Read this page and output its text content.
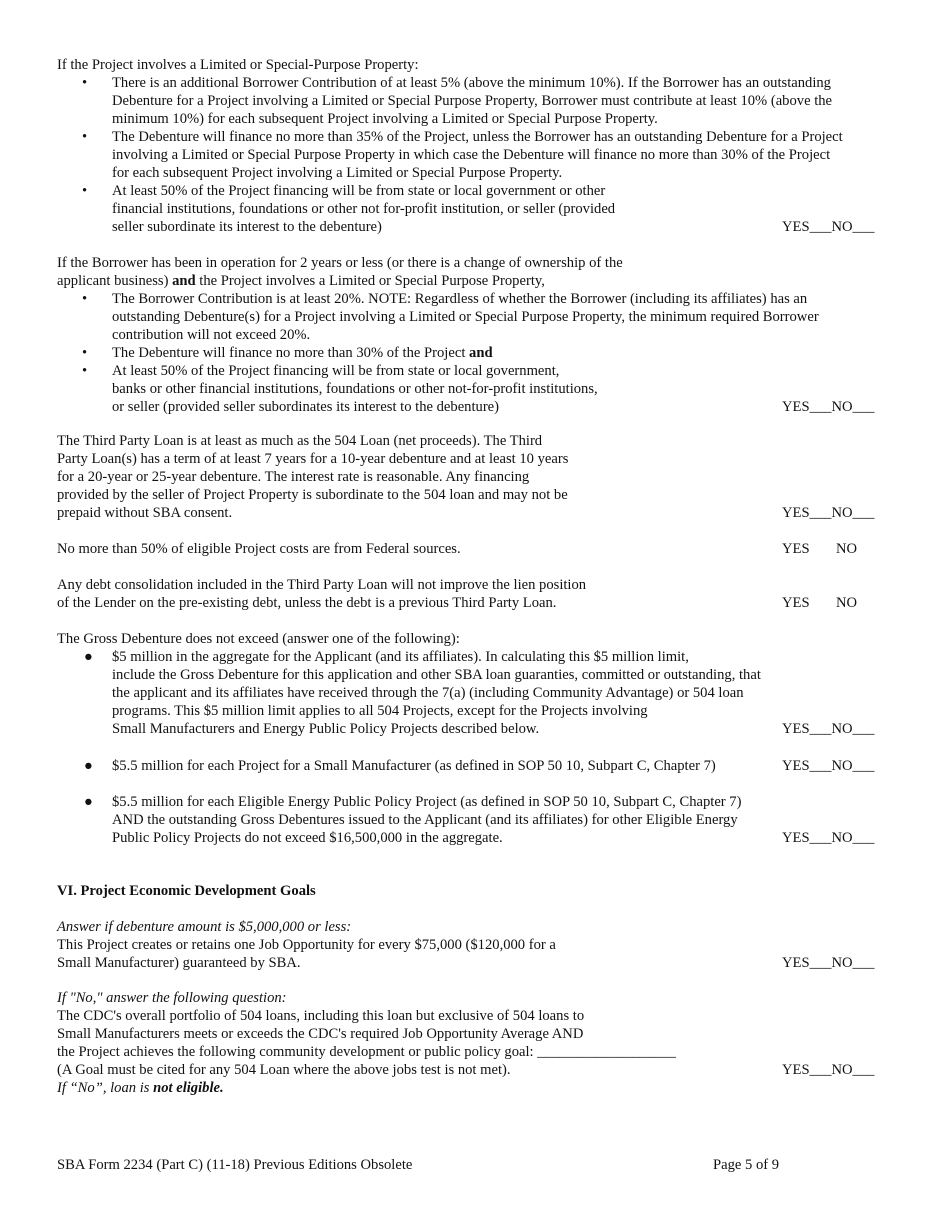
If the Project involves a Limited or Special-Purpose Property:
•	There is an additional Borrower Contribution of at least 5% (above the minimum 10%). If the Borrower has an outstanding
Debenture for a Project involving a Limited or Special Purpose Property, Borrower must contribute at least 10% (above the
minimum 10%) for each subsequent Project involving a Limited or Special Purpose Property.
•	The Debenture will finance no more than 35% of the Project, unless the Borrower has an outstanding Debenture for a Project
involving a Limited or Special Purpose Property in which case the Debenture will finance no more than 30% of the Project
for each subsequent Project involving a Limited or Special Purpose Property.
•	At least 50% of the Project financing will be from state or local government or other
financial institutions, foundations or other not for-profit institution, or seller (provided
seller subordinate its interest to the debenture)	YES___NO___
If the Borrower has been in operation for 2 years or less (or there is a change of ownership of the
applicant business) and the Project involves a Limited or Special Purpose Property,
•	The Borrower Contribution is at least 20%. NOTE: Regardless of whether the Borrower (including its affiliates) has an
outstanding Debenture(s) for a Project involving a Limited or Special Purpose Property, the minimum required Borrower
contribution will not exceed 20%.
•	The Debenture will finance no more than 30% of the Project and
•	At least 50% of the Project financing will be from state or local government,
banks or other financial institutions, foundations or other not-for-profit institutions,
or seller (provided seller subordinates its interest to the debenture)	YES___NO___
The Third Party Loan is at least as much as the 504 Loan (net proceeds). The Third
Party Loan(s) has a term of at least 7 years for a 10-year debenture and at least 10 years
for a 20-year or 25-year debenture. The interest rate is reasonable. Any financing
provided by the seller of Project Property is subordinate to the 504 loan and may not be
prepaid without SBA consent.	YES___NO___
No more than 50% of eligible Project costs are from Federal sources.	YES NO
Any debt consolidation included in the Third Party Loan will not improve the lien position
of the Lender on the pre-existing debt, unless the debt is a previous Third Party Loan.	YES NO
The Gross Debenture does not exceed (answer one of the following):
●	$5 million in the aggregate for the Applicant (and its affiliates). In calculating this $5 million limit,
include the Gross Debenture for this application and other SBA loan guaranties, committed or outstanding, that
the applicant and its affiliates have received through the 7(a) (including Community Advantage) or 504 loan
programs. This $5 million limit applies to all 504 Projects, except for the Projects involving
Small Manufacturers and Energy Public Policy Projects described below.	YES___NO___
●	$5.5 million for each Project for a Small Manufacturer (as defined in SOP 50 10, Subpart C, Chapter 7)	YES___NO___
●	$5.5 million for each Eligible Energy Public Policy Project (as defined in SOP 50 10, Subpart C, Chapter 7)
AND the outstanding Gross Debentures issued to the Applicant (and its affiliates) for other Eligible Energy
Public Policy Projects do not exceed $16,500,000 in the aggregate.	YES___NO___
VI. Project Economic Development Goals
Answer if debenture amount is $5,000,000 or less:
This Project creates or retains one Job Opportunity for every $75,000 ($120,000 for a
Small Manufacturer) guaranteed by SBA.	YES___NO___
If "No," answer the following question:
The CDC's overall portfolio of 504 loans, including this loan but exclusive of 504 loans to
Small Manufacturers meets or exceeds the CDC's required Job Opportunity Average AND
the Project achieves the following community development or public policy goal: ___________________
(A Goal must be cited for any 504 Loan where the above jobs test is not met).
If “No”, loan is not eligible.
YES___NO___
SBA Form 2234 (Part C) (11-18) Previous Editions Obsolete	Page 5 of 9
